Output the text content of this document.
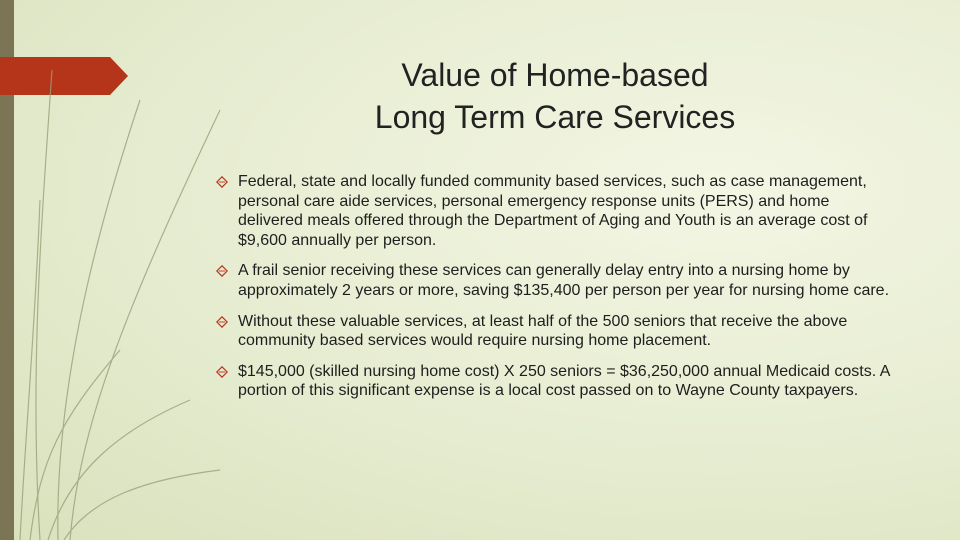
Value of Home-based
Long Term Care Services
Federal, state and locally funded community based services, such as case management, personal care aide services, personal emergency response units (PERS) and home delivered meals offered through the Department of Aging and Youth is an average cost of $9,600 annually per person.
A frail senior receiving these services can generally delay entry into a nursing home by approximately 2 years or more, saving $135,400 per person per year for nursing home care.
Without these valuable services, at least half of the 500 seniors that receive the above community based services would require nursing home placement.
$145,000 (skilled nursing home cost) X 250 seniors = $36,250,000 annual Medicaid costs. A portion of this significant expense is a local cost passed on to Wayne County taxpayers.
